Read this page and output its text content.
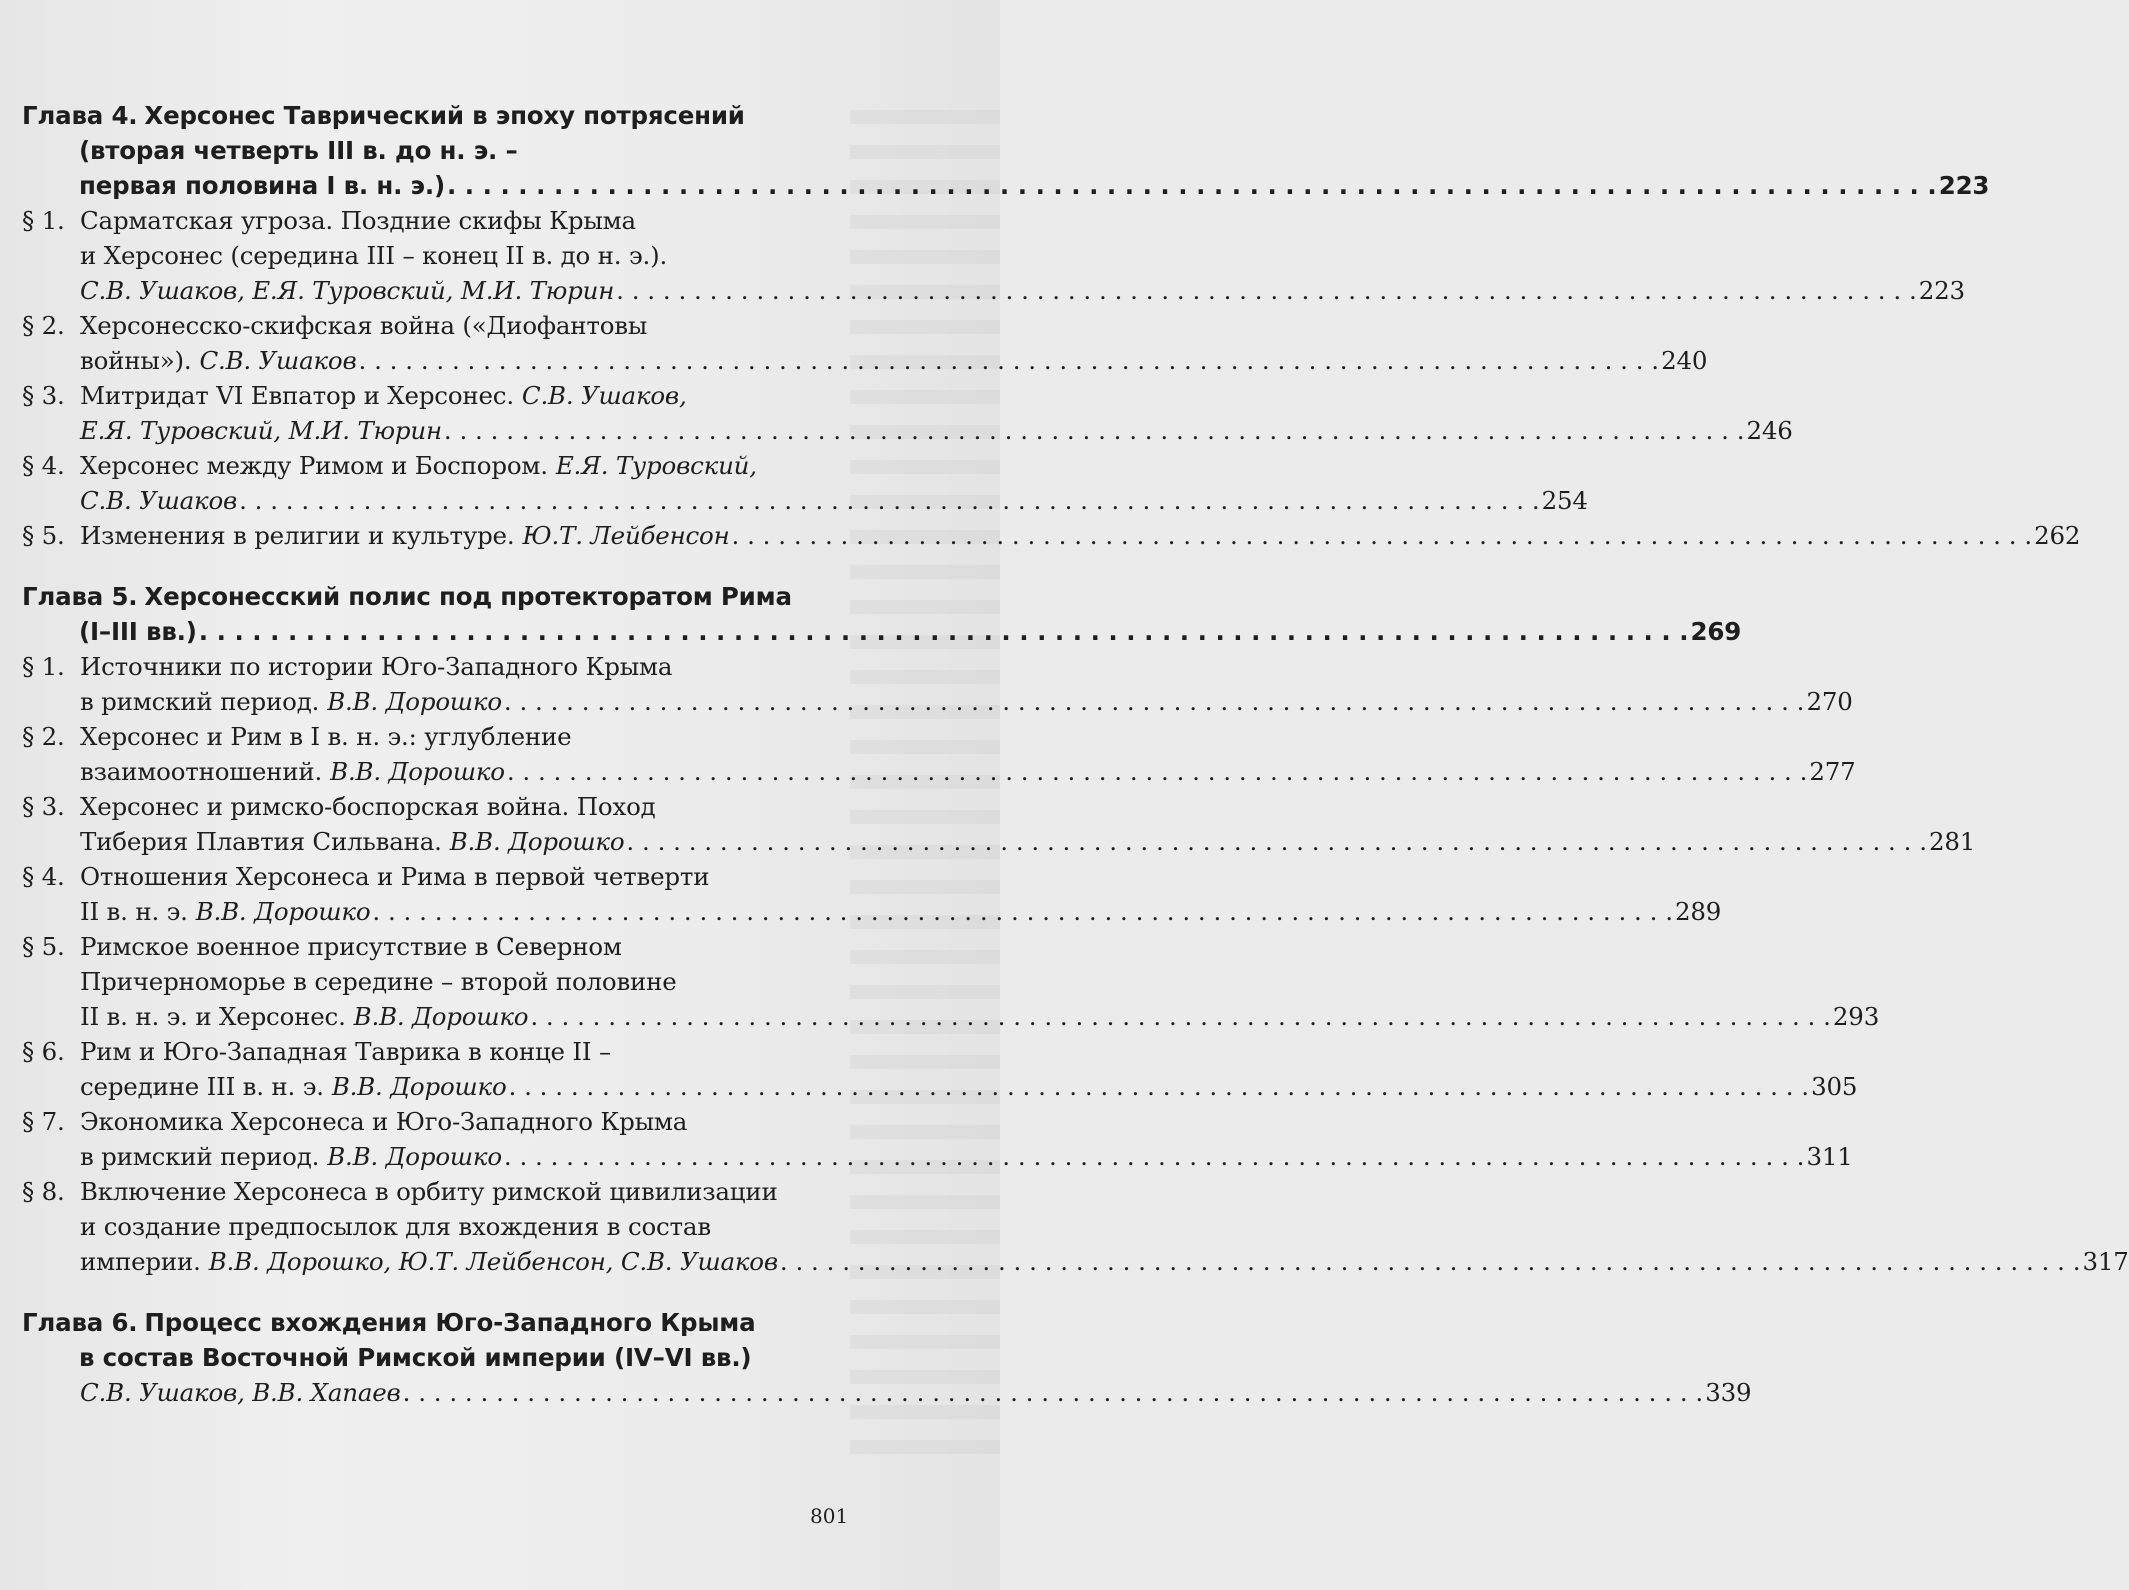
Глава 4. Херсонес Таврический в эпоху потрясений
(вторая четверть III в. до н. э. –
первая половина I в. н. э.) . . .	223
§ 1. Сарматская угроза. Поздние скифы Крыма
и Херсонес (середина III – конец II в. до н. э.).
С.В. Ушаков, Е.Я. Туровский, М.И. Тюрин . . .	223
§ 2. Херсонесско-скифская война («Диофантовы
войны»). С.В. Ушаков . . .	240
§ 3. Митридат VI Евпатор и Херсонес. С.В. Ушаков,
Е.Я. Туровский, М.И. Тюрин . . .	246
§ 4. Херсонес между Римом и Боспором. Е.Я. Туровский,
С.В. Ушаков . . .	254
§ 5. Изменения в религии и культуре. Ю.Т. Лейбенсон . . .	262
Глава 5. Херсонесский полис под протекторатом Рима
(I–III вв.) . . .	269
§ 1. Источники по истории Юго-Западного Крыма
в римский период. В.В. Дорошко . . .	270
§ 2. Херсонес и Рим в I в. н. э.: углубление
взаимоотношений. В.В. Дорошко . . .	277
§ 3. Херсонес и римско-боспорская война. Поход
Тиберия Плавтия Сильвана. В.В. Дорошко . . .	281
§ 4. Отношения Херсонеса и Рима в первой четверти
II в. н. э. В.В. Дорошко . . .	289
§ 5. Римское военное присутствие в Северном
Причерноморье в середине – второй половине
II в. н. э. и Херсонес. В.В. Дорошко . . .	293
§ 6. Рим и Юго-Западная Таврика в конце II –
середине III в. н. э. В.В. Дорошко . . .	305
§ 7. Экономика Херсонеса и Юго-Западного Крыма
в римский период. В.В. Дорошко . . .	311
§ 8. Включение Херсонеса в орбиту римской цивилизации
и создание предпосылок для вхождения в состав
империи. В.В. Дорошко, Ю.Т. Лейбенсон, С.В. Ушаков . . .	317
Глава 6. Процесс вхождения Юго-Западного Крыма
в состав Восточной Римской империи (IV–VI вв.)
С.В. Ушаков, В.В. Хапаев . . .	339
801
